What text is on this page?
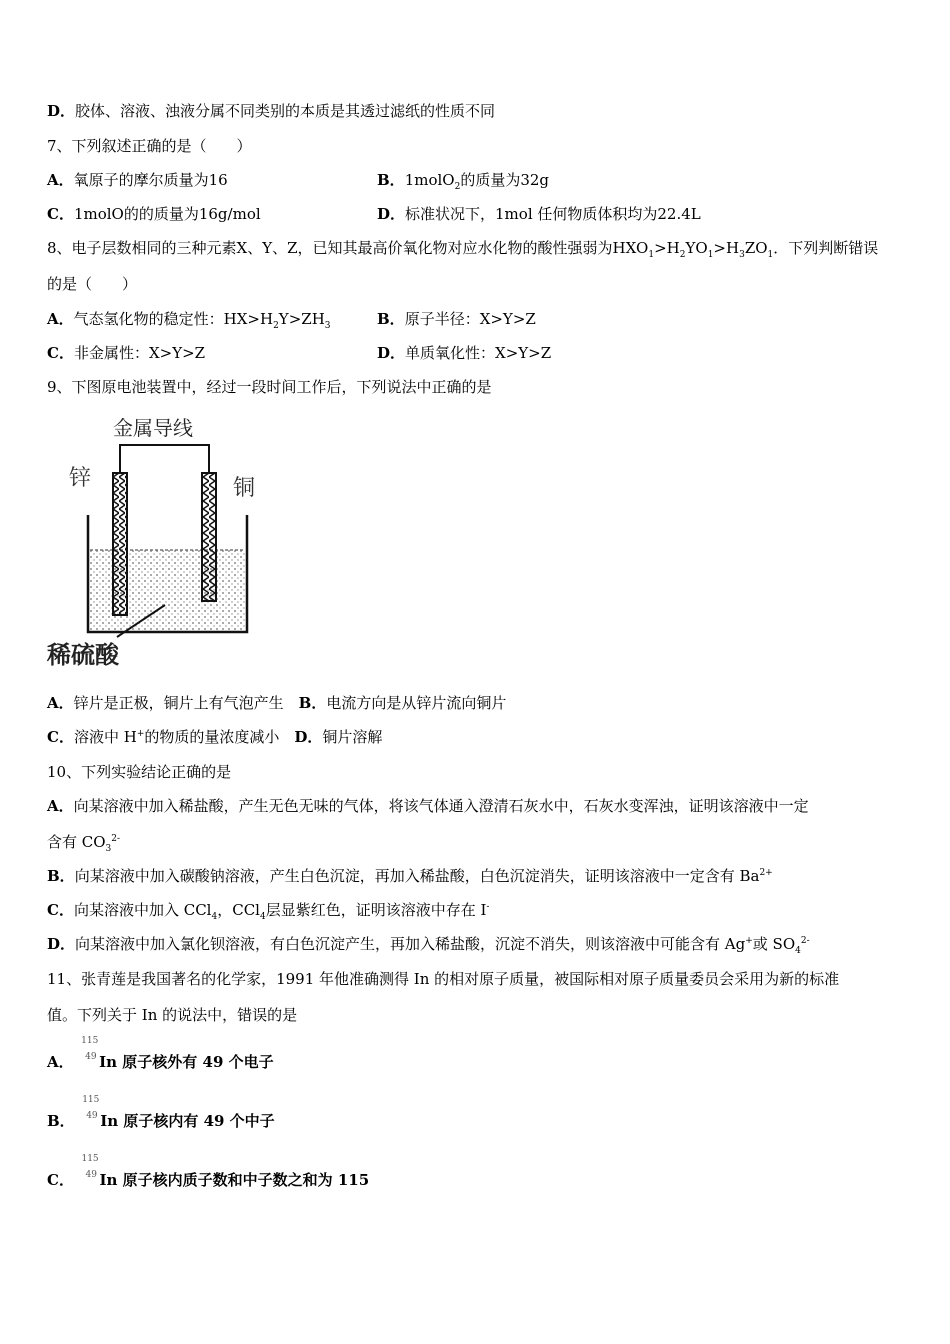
D．胶体、溶液、浊液分属不同类别的本质是其透过滤纸的性质不同
7、下列叙述正确的是（　　）
A．氧原子的摩尔质量为16	B．1molO$_2$的质量为32g
C．1molO的的质量为16g/mol	D．标准状况下，1mol 任何物质体积均为22.4L
8、电子层数相同的三种元素X、Y、Z，已知其最高价氧化物对应水化物的酸性强弱为$HXO_1>H_2YO_1>H_3ZO_1$．下列判断错误
的是（　　）
A．气态氢化物的稳定性：$HX>H_2Y>ZH_3$	B．原子半径：X>Y>Z
C．非金属性：X>Y>Z	D．单质氧化性：X>Y>Z
9、下图原电池装置中，经过一段时间工作后，下列说法中正确的是
金属导线
锌	铜
稀硫酸
A．锌片是正极，铜片上有气泡产生　 B．电流方向是从锌片流向铜片
C．溶液中 H+的物质的量浓度减小　 D．铜片溶解
10、下列实验结论正确的是
A．向某溶液中加入稀盐酸，产生无色无味的气体，将该气体通入澄清石灰水中，石灰水变浑浊，证明该溶液中一定
含有 $CO_3^{2-}$
B．向某溶液中加入碳酸钠溶液，产生白色沉淀，再加入稀盐酸，白色沉淀消失，证明该溶液中一定含有 $Ba^{2+}$
C．向某溶液中加入 CCl$_4$，CCl$_4$层显紫红色，证明该溶液中存在 I-
D．向某溶液中加入氯化钡溶液，有白色沉淀产生，再加入稀盐酸，沉淀不消失，则该溶液中可能含有 Ag+或 $SO_4^{2-}$
11、张青莲是我国著名的化学家，1991 年他准确测得 In 的相对原子质量，被国际相对原子质量委员会采用为新的标准
值。下列关于 In 的说法中，错误的是
A．　
115
49 In 原子核外有 49 个电子
B．　
115
49 In 原子核内有 49 个中子
C．　
115
49 In 原子核内质子数和中子数之和为 115
